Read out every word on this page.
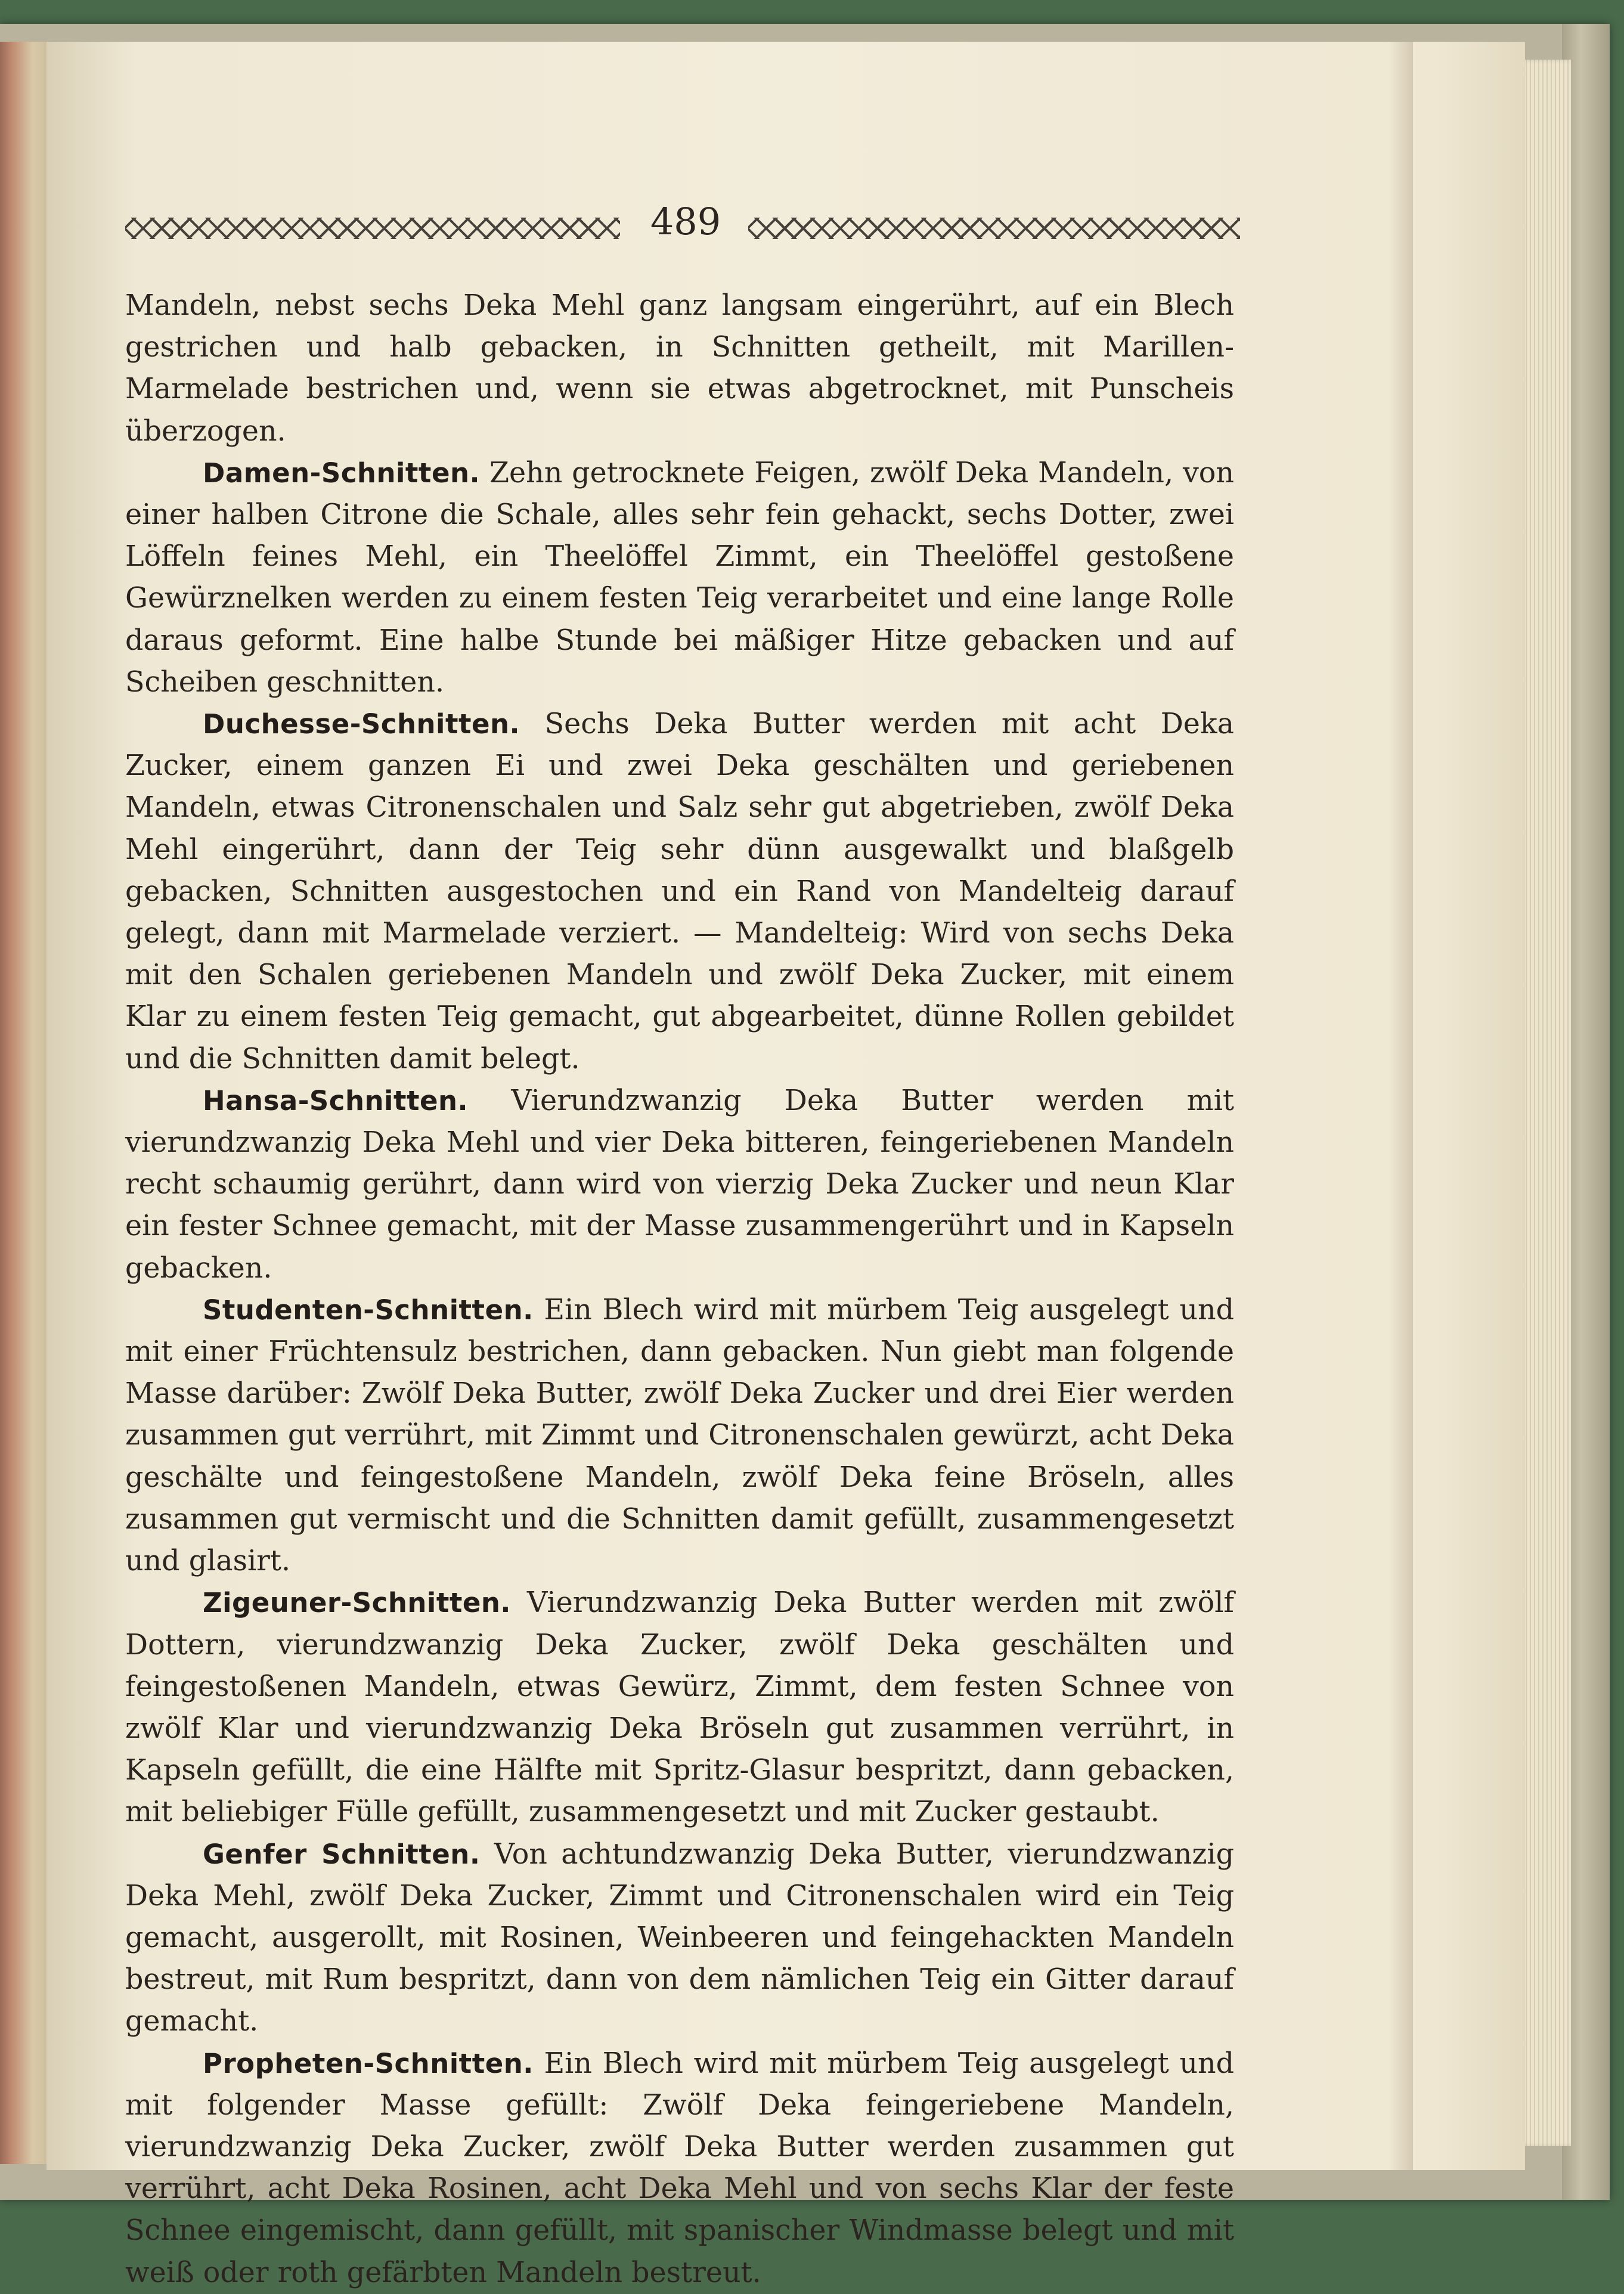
489

Mandeln, nebst sechs Deka Mehl ganz langsam eingerührt, auf ein Blech gestrichen und halb gebacken, in Schnitten getheilt, mit Marillen-Marmelade bestrichen und, wenn sie etwas abgetrocknet, mit Punscheis überzogen.

Damen-Schnitten. Zehn getrocknete Feigen, zwölf Deka Mandeln, von einer halben Citrone die Schale, alles sehr fein gehackt, sechs Dotter, zwei Löffeln feines Mehl, ein Theelöffel Zimmt, ein Theelöffel gestoßene Gewürznelken werden zu einem festen Teig verarbeitet und eine lange Rolle daraus geformt. Eine halbe Stunde bei mäßiger Hitze gebacken und auf Scheiben geschnitten.

Duchesse-Schnitten. Sechs Deka Butter werden mit acht Deka Zucker, einem ganzen Ei und zwei Deka geschälten und geriebenen Mandeln, etwas Citronenschalen und Salz sehr gut abgetrieben, zwölf Deka Mehl eingerührt, dann der Teig sehr dünn ausgewalkt und blaßgelb gebacken, Schnitten ausgestochen und ein Rand von Mandelteig darauf gelegt, dann mit Marmelade verziert. — Mandelteig: Wird von sechs Deka mit den Schalen geriebenen Mandeln und zwölf Deka Zucker, mit einem Klar zu einem festen Teig gemacht, gut abgearbeitet, dünne Rollen gebildet und die Schnitten damit belegt.

Hansa-Schnitten. Vierundzwanzig Deka Butter werden mit vierundzwanzig Deka Mehl und vier Deka bitteren, feingeriebenen Mandeln recht schaumig gerührt, dann wird von vierzig Deka Zucker und neun Klar ein fester Schnee gemacht, mit der Masse zusammengerührt und in Kapseln gebacken.

Studenten-Schnitten. Ein Blech wird mit mürbem Teig ausgelegt und mit einer Früchtensulz bestrichen, dann gebacken. Nun giebt man folgende Masse darüber: Zwölf Deka Butter, zwölf Deka Zucker und drei Eier werden zusammen gut verrührt, mit Zimmt und Citronenschalen gewürzt, acht Deka geschälte und feingestoßene Mandeln, zwölf Deka feine Bröseln, alles zusammen gut vermischt und die Schnitten damit gefüllt, zusammengesetzt und glasirt.

Zigeuner-Schnitten. Vierundzwanzig Deka Butter werden mit zwölf Dottern, vierundzwanzig Deka Zucker, zwölf Deka geschälten und feingestoßenen Mandeln, etwas Gewürz, Zimmt, dem festen Schnee von zwölf Klar und vierundzwanzig Deka Bröseln gut zusammen verrührt, in Kapseln gefüllt, die eine Hälfte mit Spritz-Glasur bespritzt, dann gebacken, mit beliebiger Fülle gefüllt, zusammengesetzt und mit Zucker gestaubt.

Genfer Schnitten. Von achtundzwanzig Deka Butter, vierundzwanzig Deka Mehl, zwölf Deka Zucker, Zimmt und Citronenschalen wird ein Teig gemacht, ausgerollt, mit Rosinen, Weinbeeren und feingehackten Mandeln bestreut, mit Rum bespritzt, dann von dem nämlichen Teig ein Gitter darauf gemacht.

Propheten-Schnitten. Ein Blech wird mit mürbem Teig ausgelegt und mit folgender Masse gefüllt: Zwölf Deka feingeriebene Mandeln, vierundzwanzig Deka Zucker, zwölf Deka Butter werden zusammen gut verrührt, acht Deka Rosinen, acht Deka Mehl und von sechs Klar der feste Schnee eingemischt, dann gefüllt, mit spanischer Windmasse belegt und mit weiß oder roth gefärbten Mandeln bestreut.
